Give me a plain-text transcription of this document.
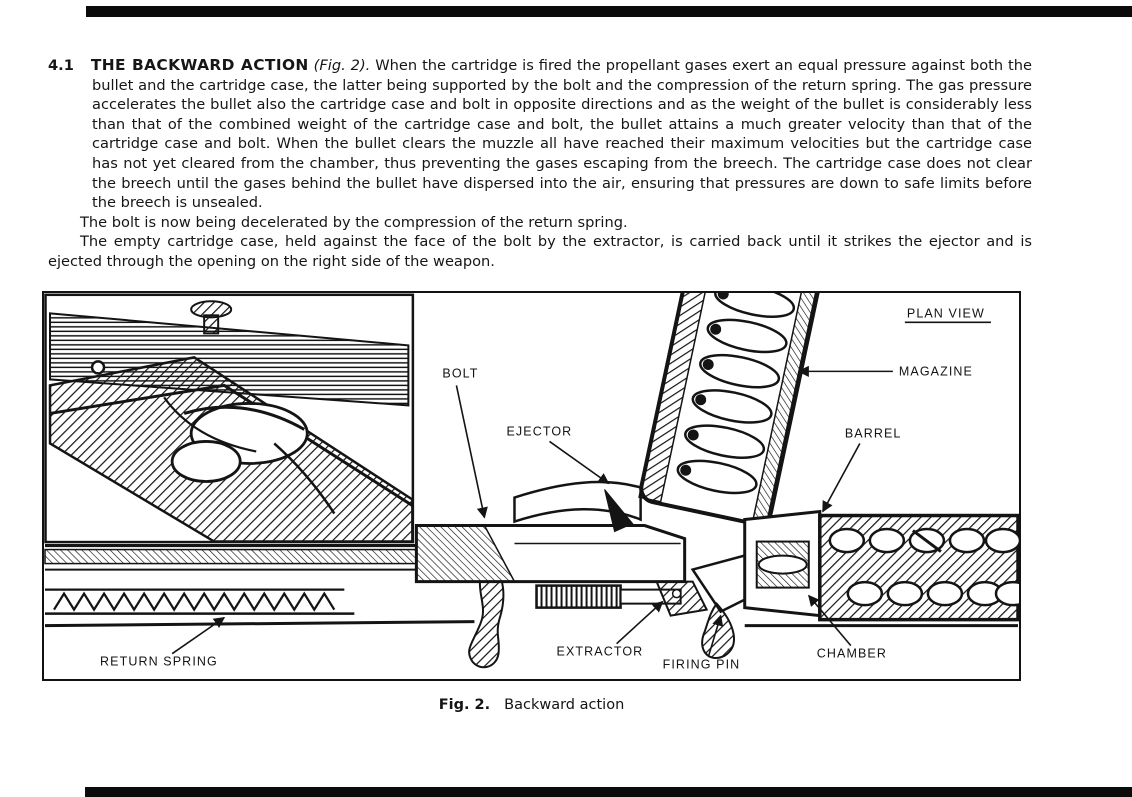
4.1 THE BACKWARD ACTION (Fig. 2). When the cartridge is fired the propellant gases exert an equal pressure against both the bullet and the cartridge case, the latter being supported by the bolt and the compression of the return spring. The gas pressure accelerates the bullet also the cartridge case and bolt in opposite directions and as the weight of the bullet is considerably less than that of the combined weight of the cartridge case and bolt, the bullet attains a much greater velocity than that of the cartridge case and bolt. When the bullet clears the muzzle all have reached their maximum velocities but the cartridge case has not yet cleared from the chamber, thus preventing the gases escaping from the breech. The cartridge case does not clear the breech until the gases behind the bullet have dispersed into the air, ensuring that pressures are down to safe limits before the breech is unsealed.

The bolt is now being decelerated by the compression of the return spring.

The empty cartridge case, held against the face of the bolt by the extractor, is carried back until it strikes the ejector and is ejected through the opening on the right side of the weapon.

PLAN VIEW
BOLT
EJECTOR
MAGAZINE
BARREL
RETURN SPRING
EXTRACTOR
FIRING PIN
CHAMBER
Fig. 2. Backward action
